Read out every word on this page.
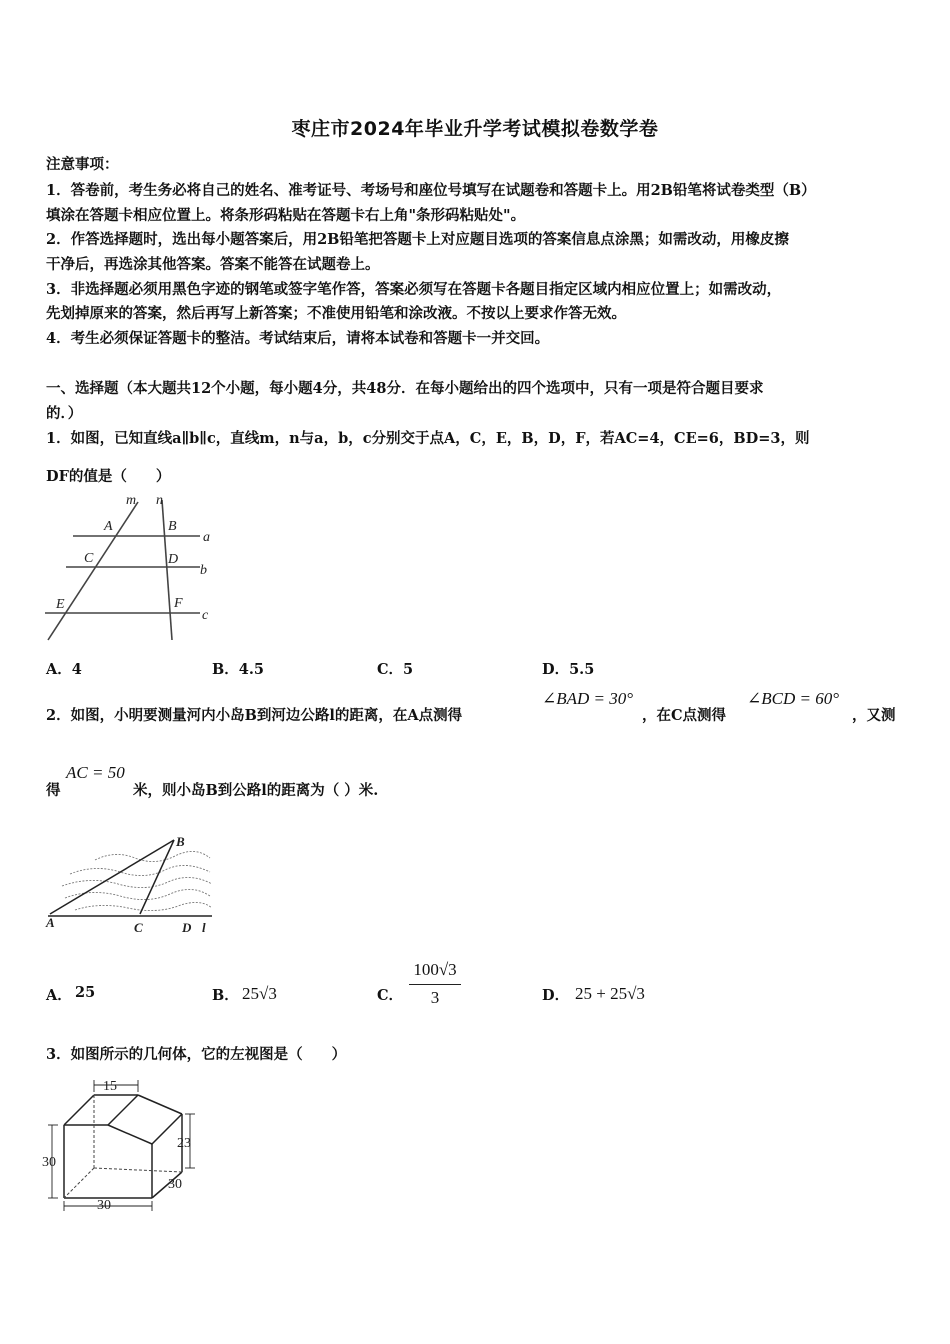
枣庄市2024年毕业升学考试模拟卷数学卷
注意事项：
1．答卷前，考生务必将自己的姓名、准考证号、考场号和座位号填写在试题卷和答题卡上。用2B铅笔将试卷类型（B）
填涂在答题卡相应位置上。将条形码粘贴在答题卡右上角"条形码粘贴处"。
2．作答选择题时，选出每小题答案后，用2B铅笔把答题卡上对应题目选项的答案信息点涂黑；如需改动，用橡皮擦
干净后，再选涂其他答案。答案不能答在试题卷上。
3．非选择题必须用黑色字迹的钢笔或签字笔作答，答案必须写在答题卡各题目指定区域内相应位置上；如需改动，
先划掉原来的答案，然后再写上新答案；不准使用铅笔和涂改液。不按以上要求作答无效。
4．考生必须保证答题卡的整洁。考试结束后，请将本试卷和答题卡一并交回。
一、选择题（本大题共12个小题，每小题4分，共48分．在每小题给出的四个选项中，只有一项是符合题目要求
的．）
1．如图，已知直线a∥b∥c，直线m，n与a，b，c分别交于点A，C，E，B，D，F，若AC=4，CE=6，BD=3，则
DF的值是（　　）
m n
A	B
C	D
E	F
a
b
c
A．4	B．4.5	C．5	D．5.5
2．如图，小明要测量河内小岛B到河边公路l的距离，在A点测得
∠BAD = 30°
，在C点测得
∠BCD = 60°
，又测
得
AC = 50
米，则小岛B到公路l的距离为（ ）米.
B
A	C	D l
A． 25	B． 25√3	C．
100√3
3	D． 25 + 25√3
3．如图所示的几何体，它的左视图是（　　）
15
30
23
30
30
